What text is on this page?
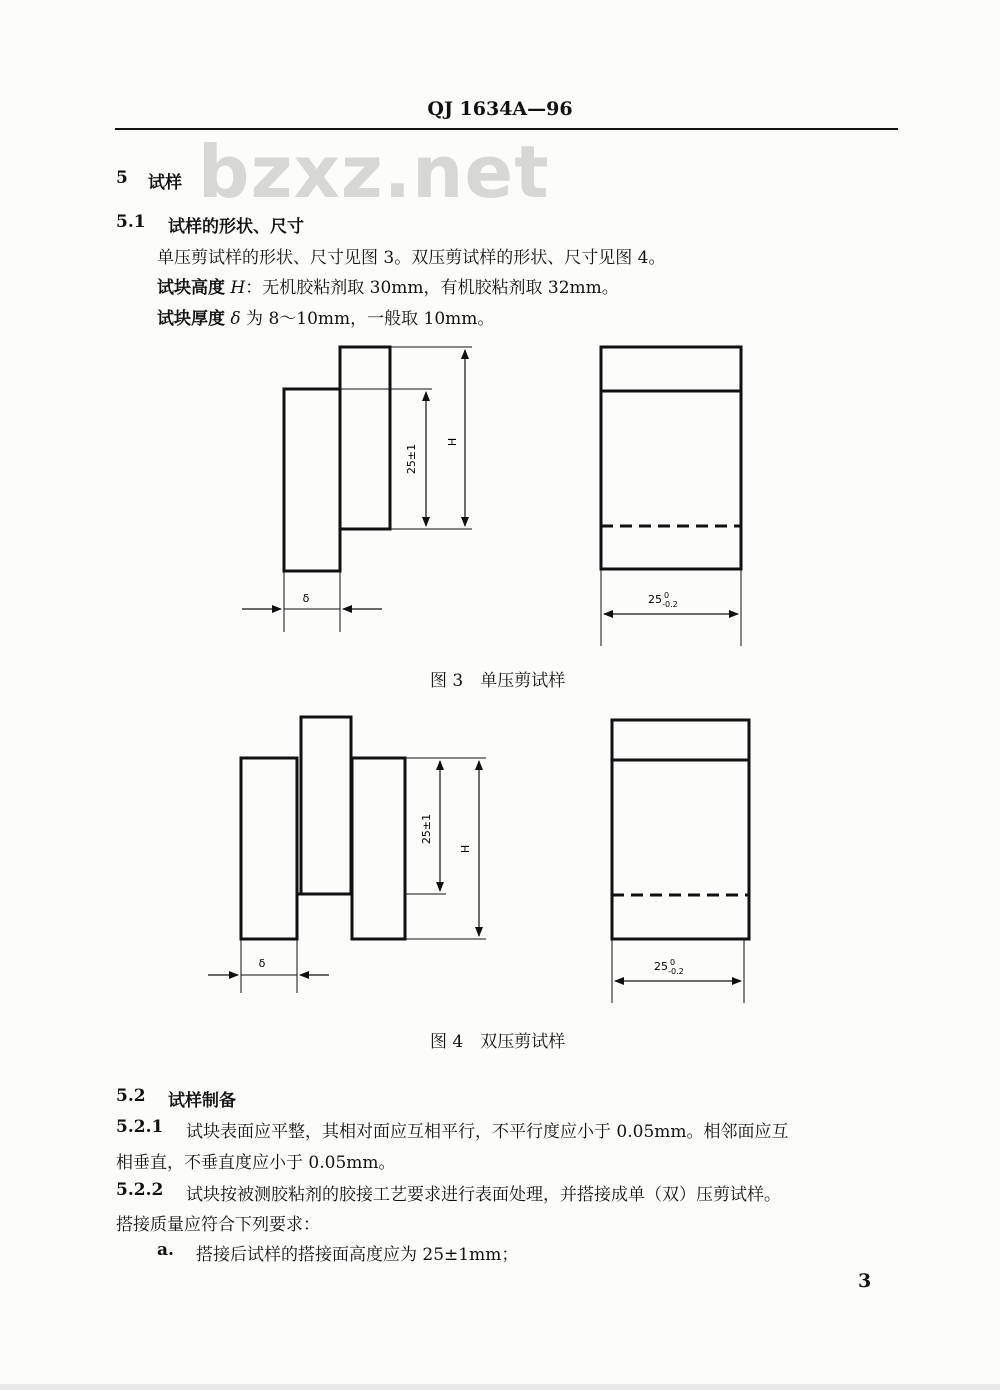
QJ 1634A—96
bzxz.net
5 试样
5.1 试样的形状、尺寸
单压剪试样的形状、尺寸见图 3。双压剪试样的形状、尺寸见图 4。
试块高度 H：无机胶粘剂取 30mm，有机胶粘剂取 32mm。
试块厚度 δ 为 8～10mm，一般取 10mm。
H
25±1
δ	25 $^0$ -0.2
H
25±1
δ	25 $^0$ -0.2
图 3　单压剪试样
图 4　双压剪试样
5.2 试样制备
5.2.1 试块表面应平整，其相对面应互相平行，不平行度应小于 0.05mm。相邻面应互
相垂直，不垂直度应小于 0.05mm。
5.2.2 试块按被测胶粘剂的胶接工艺要求进行表面处理，并搭接成单（双）压剪试样。
搭接质量应符合下列要求：
a. 搭接后试样的搭接面高度应为 25±1mm；
3
